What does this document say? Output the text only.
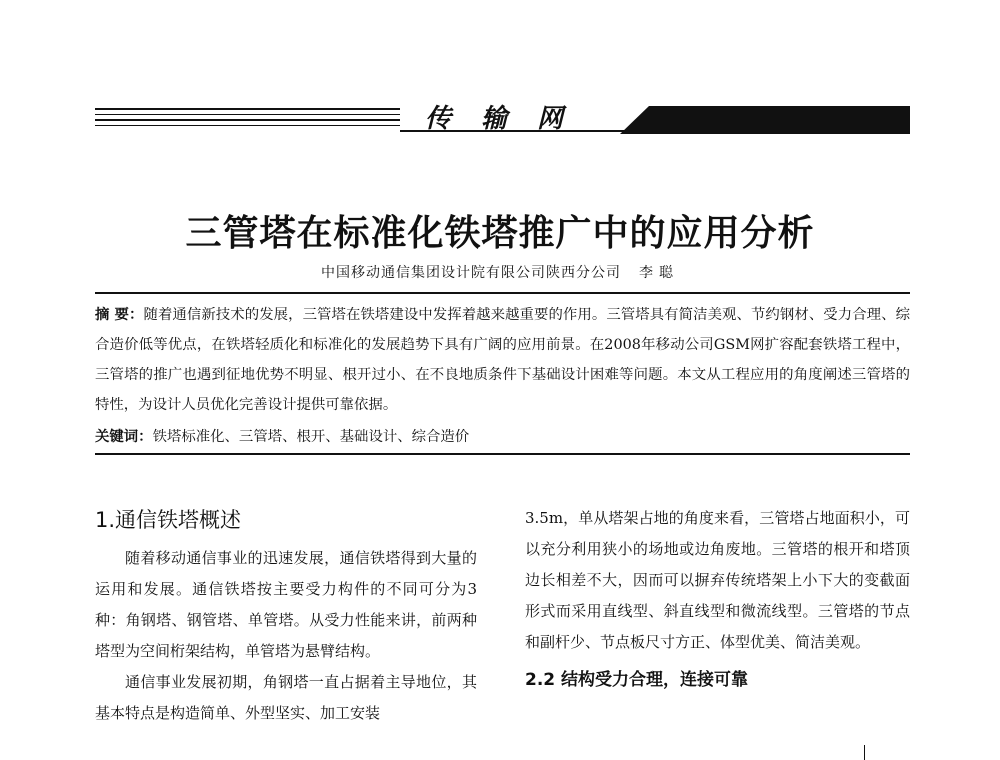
传输网
三管塔在标准化铁塔推广中的应用分析
中国移动通信集团设计院有限公司陕西分公司 李聪

摘 要：随着通信新技术的发展，三管塔在铁塔建设中发挥着越来越重要的作用。三管塔具有简洁美观、节约钢材、受力合理、综合造价低等优点，在铁塔轻质化和标准化的发展趋势下具有广阔的应用前景。在2008年移动公司GSM网扩容配套铁塔工程中，三管塔的推广也遇到征地优势不明显、根开过小、在不良地质条件下基础设计困难等问题。本文从工程应用的角度阐述三管塔的特性，为设计人员优化完善设计提供可靠依据。

关键词：铁塔标准化、三管塔、根开、基础设计、综合造价

1.通信铁塔概述

随着移动通信事业的迅速发展，通信铁塔得到大量的运用和发展。通信铁塔按主要受力构件的不同可分为3种：角钢塔、钢管塔、单管塔。从受力性能来讲，前两种塔型为空间桁架结构，单管塔为悬臂结构。

通信事业发展初期，角钢塔一直占据着主导地位，其基本特点是构造简单、外型坚实、加工安装

3.5m，单从塔架占地的角度来看，三管塔占地面积小，可以充分利用狭小的场地或边角废地。三管塔的根开和塔顶边长相差不大，因而可以摒弃传统塔架上小下大的变截面形式而采用直线型、斜直线型和微流线型。三管塔的节点和副杆少、节点板尺寸方正、体型优美、简洁美观。

2.2 结构受力合理，连接可靠
